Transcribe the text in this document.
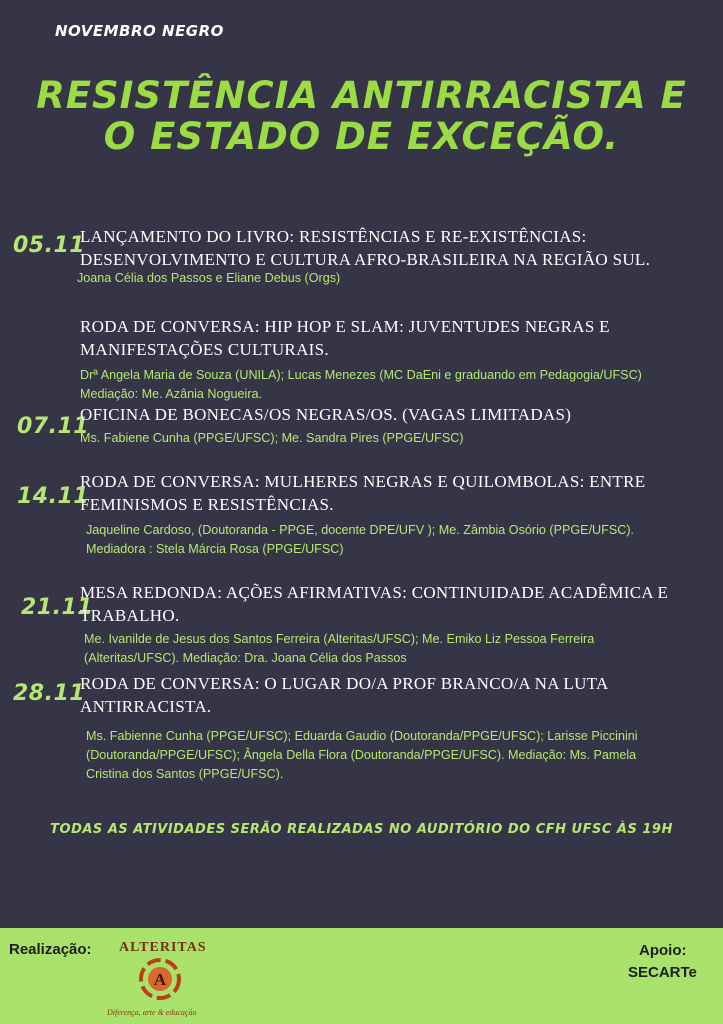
NOVEMBRO NEGRO
RESISTÊNCIA ANTIRRACISTA E
O ESTADO DE EXCEÇÃO.
05.11

LANÇAMENTO DO LIVRO: RESISTÊNCIAS E RE-EXISTÊNCIAS:

DESENVOLVIMENTO E CULTURA AFRO-BRASILEIRA NA REGIÃO SUL.

Joana Célia dos Passos e Eliane Debus (Orgs)

RODA DE CONVERSA: HIP HOP E SLAM: JUVENTUDES NEGRAS E

MANIFESTAÇÕES CULTURAIS.

Drª Angela Maria de Souza (UNILA); Lucas Menezes (MC DaEni e graduando em Pedagogia/UFSC)

Mediação: Me. Azânia Nogueira.

07.11

OFICINA DE BONECAS/OS NEGRAS/OS. (VAGAS LIMITADAS)

Ms. Fabiene Cunha (PPGE/UFSC); Me. Sandra Pires (PPGE/UFSC)

14.11

RODA DE CONVERSA: MULHERES NEGRAS E QUILOMBOLAS: ENTRE

FEMINISMOS E RESISTÊNCIAS.

Jaqueline Cardoso, (Doutoranda - PPGE, docente DPE/UFV ); Me. Zâmbia Osório (PPGE/UFSC).

Mediadora : Stela Márcia Rosa (PPGE/UFSC)

21.11

MESA REDONDA: AÇÕES AFIRMATIVAS: CONTINUIDADE ACADÊMICA E

TRABALHO.

Me. Ivanilde de Jesus dos Santos Ferreira (Alteritas/UFSC); Me. Emiko Liz Pessoa Ferreira

(Alteritas/UFSC). Mediação: Dra. Joana Célia dos Passos

28.11

RODA DE CONVERSA: O LUGAR DO/A PROF BRANCO/A NA LUTA

ANTIRRACISTA.

Ms. Fabienne Cunha (PPGE/UFSC); Eduarda Gaudio (Doutoranda/PPGE/UFSC); Larisse Piccinini

(Doutoranda/PPGE/UFSC); Ângela Della Flora (Doutoranda/PPGE/UFSC). Mediação: Ms. Pamela

Cristina dos Santos (PPGE/UFSC).

TODAS AS ATIVIDADES SERÃO REALIZADAS NO AUDITÓRIO DO CFH UFSC ÀS 19H
Realização: ALTERITAS
A
Diferença, arte & educação
Apoio:
SECARTe
